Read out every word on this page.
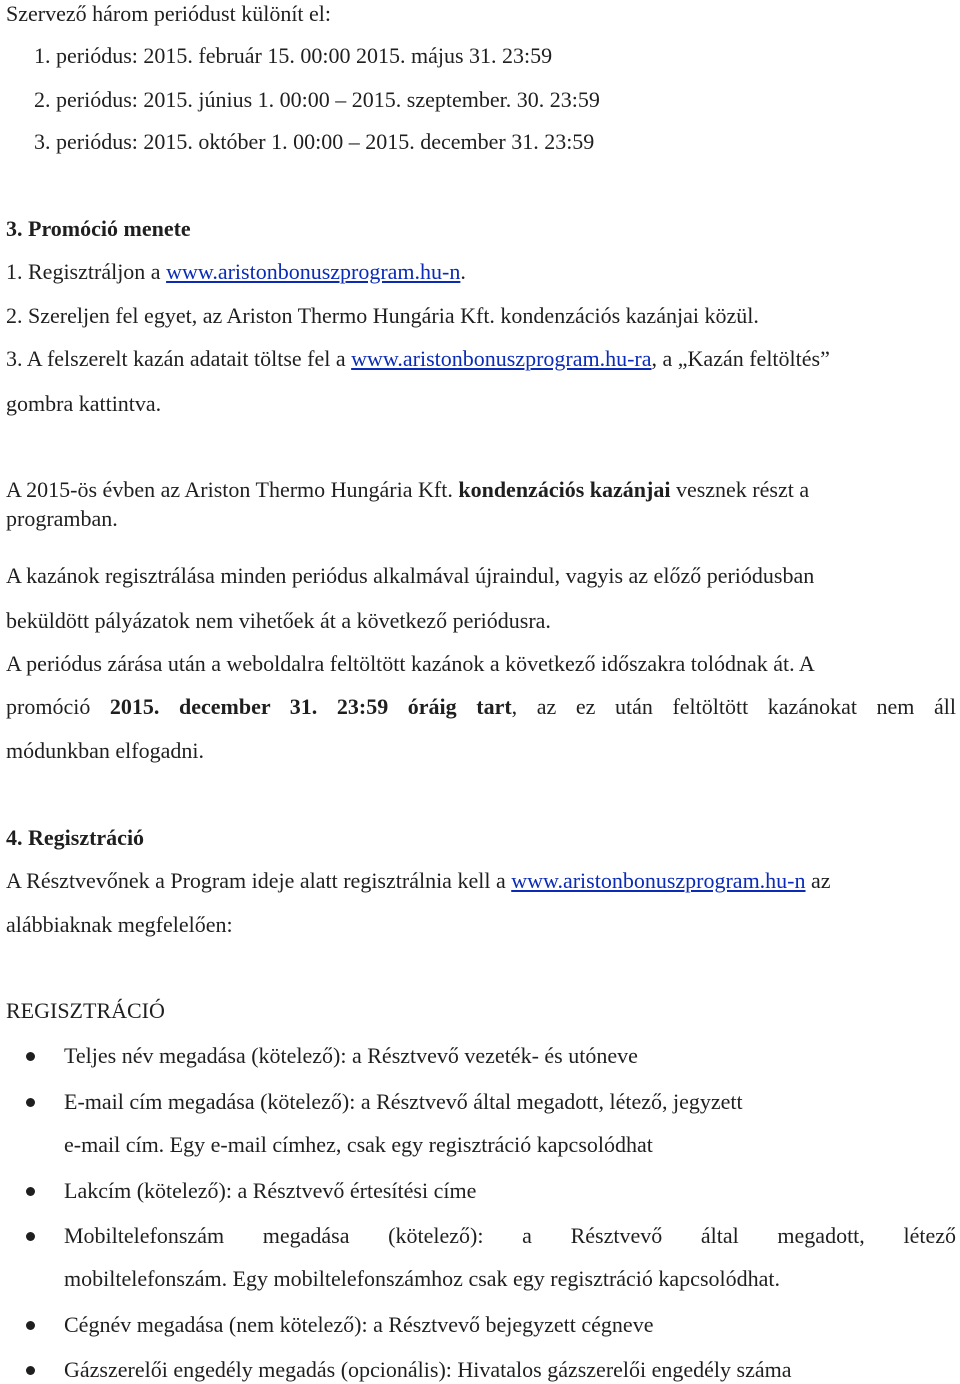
Szervező három periódust különít el:
1. periódus: 2015. február 15. 00:00 2015. május 31. 23:59
2. periódus: 2015. június 1. 00:00 – 2015. szeptember. 30. 23:59
3. periódus: 2015. október 1. 00:00 – 2015. december 31. 23:59
3. Promóció menete
1. Regisztráljon a www.aristonbonuszprogram.hu-n.
2. Szereljen fel egyet, az Ariston Thermo Hungária Kft. kondenzációs kazánjai közül.
3. A felszerelt kazán adatait töltse fel a www.aristonbonuszprogram.hu-ra, a „Kazán feltöltés”
gombra kattintva.
A 2015-ös évben az Ariston Thermo Hungária Kft. kondenzációs kazánjai vesznek részt a
programban.
A kazánok regisztrálása minden periódus alkalmával újraindul, vagyis az előző periódusban
beküldött pályázatok nem vihetőek át a következő periódusra.
A periódus zárása után a weboldalra feltöltött kazánok a következő időszakra tolódnak át. A
promóció 2015. december 31. 23:59 óráig tart, az ez után feltöltött kazánokat nem áll
módunkban elfogadni.
4. Regisztráció
A Résztvevőnek a Program ideje alatt regisztrálnia kell a www.aristonbonuszprogram.hu-n az
alábbiaknak megfelelően:
REGISZTRÁCIÓ
Teljes név megadása (kötelező): a Résztvevő vezeték- és utóneve
E-mail cím megadása (kötelező): a Résztvevő által megadott, létező, jegyzett
e-mail cím. Egy e-mail címhez, csak egy regisztráció kapcsolódhat
Lakcím (kötelező): a Résztvevő értesítési címe
Mobiltelefonszám megadása (kötelező): a Résztvevő által megadott, létező
mobiltelefonszám. Egy mobiltelefonszámhoz csak egy regisztráció kapcsolódhat.
Cégnév megadása (nem kötelező): a Résztvevő bejegyzett cégneve
Gázszerelői engedély megadás (opcionális): Hivatalos gázszerelői engedély száma
